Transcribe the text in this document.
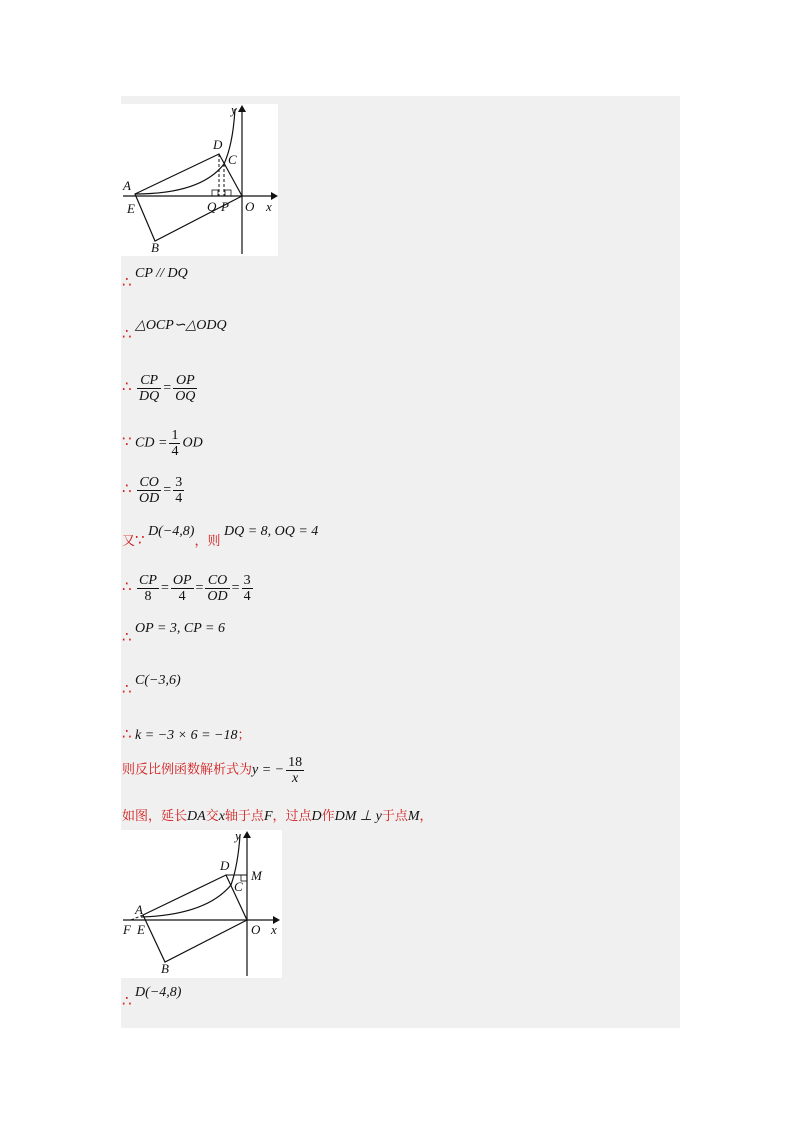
y
D
C
A
E	Q P O x
B
∴ CP // DQ
∴ △OCP∽△ODQ
∴ $\frac{CP}{DQ} = \frac{OP}{OQ}$
∵ CD = $\frac{1}{4}$ OD
∴ $\frac{CO}{OD} = \frac{3}{4}$
又∵ D(−4,8)，则 DQ = 8, OQ = 4
∴ $\frac{CP}{8} = \frac{OP}{4} = \frac{CO}{OD} = \frac{3}{4}$
∴ OP = 3, CP = 6
∴ C(−3,6)
∴ k = −3 × 6 = −18；
则反比例函数解析式为y = − $\frac{18}{x}$
如图，延长DA交x轴于点F，过点D作DM ⊥ y于点M，
y
D
M
C
A
F E	O x
B
∴ D(−4,8)
